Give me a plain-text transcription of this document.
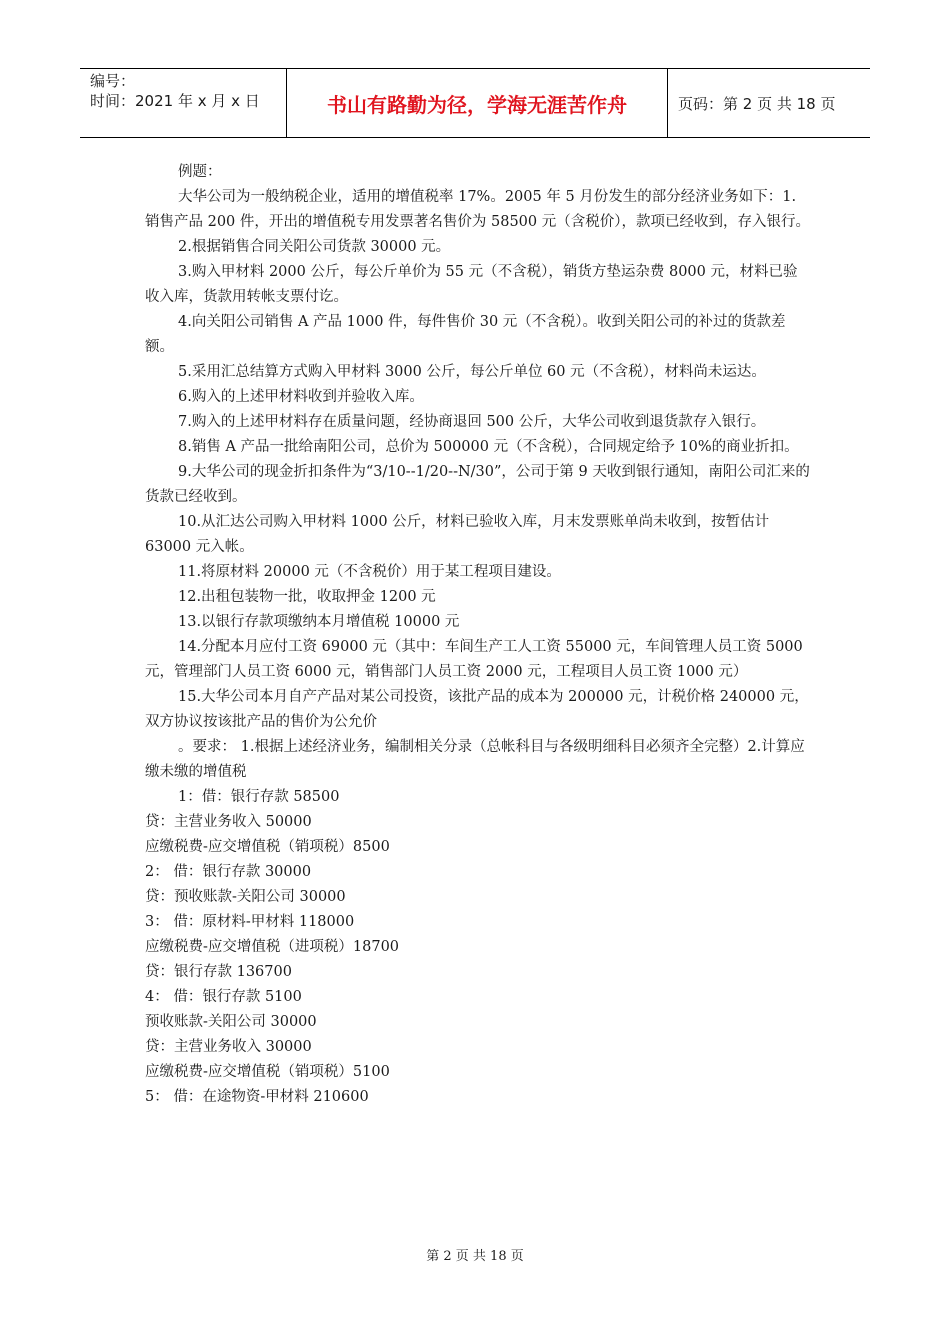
编号：
时间：2021 年 x 月 x 日	书山有路勤为径，学海无涯苦作舟	页码：第 2 页 共 18 页

例题：

大华公司为一般纳税企业，适用的增值税率 17%。2005 年 5 月份发生的部分经济业务如下：1.销售产品 200 件，开出的增值税专用发票著名售价为 58500 元（含税价），款项已经收到，存入银行。

2.根据销售合同关阳公司货款 30000 元。

3.购入甲材料 2000 公斤，每公斤单价为 55 元（不含税），销货方垫运杂费 8000 元，材料已验收入库，货款用转帐支票付讫。

4.向关阳公司销售 A 产品 1000 件，每件售价 30 元（不含税）。收到关阳公司的补过的货款差额。

5.采用汇总结算方式购入甲材料 3000 公斤，每公斤单位 60 元（不含税），材料尚未运达。

6.购入的上述甲材料收到并验收入库。

7.购入的上述甲材料存在质量问题，经协商退回 500 公斤，大华公司收到退货款存入银行。

8.销售 A 产品一批给南阳公司，总价为 500000 元（不含税），合同规定给予 10%的商业折扣。

9.大华公司的现金折扣条件为“3/10--1/20--N/30”，公司于第 9 天收到银行通知，南阳公司汇来的货款已经收到。

10.从汇达公司购入甲材料 1000 公斤，材料已验收入库，月末发票账单尚未收到，按暂估计 63000 元入帐。

11.将原材料 20000 元（不含税价）用于某工程项目建设。

12.出租包装物一批，收取押金 1200 元

13.以银行存款项缴纳本月增值税 10000 元

14.分配本月应付工资 69000 元（其中：车间生产工人工资 55000 元，车间管理人员工资 5000 元，管理部门人员工资 6000 元，销售部门人员工资 2000 元，工程项目人员工资 1000 元）

15.大华公司本月自产产品对某公司投资，该批产品的成本为 200000 元，计税价格 240000 元，双方协议按该批产品的售价为公允价

。要求： 1.根据上述经济业务，编制相关分录（总帐科目与各级明细科目必须齐全完整）2.计算应缴未缴的增值税

1：借：银行存款 58500

贷：主营业务收入 50000

应缴税费-应交增值税（销项税）8500

2： 借：银行存款 30000

贷：预收账款-关阳公司 30000

3： 借：原材料-甲材料 118000

应缴税费-应交增值税（进项税）18700

贷：银行存款 136700

4： 借：银行存款 5100

预收账款-关阳公司 30000

贷：主营业务收入 30000

应缴税费-应交增值税（销项税）5100

5： 借：在途物资-甲材料 210600

第 2 页 共 18 页
